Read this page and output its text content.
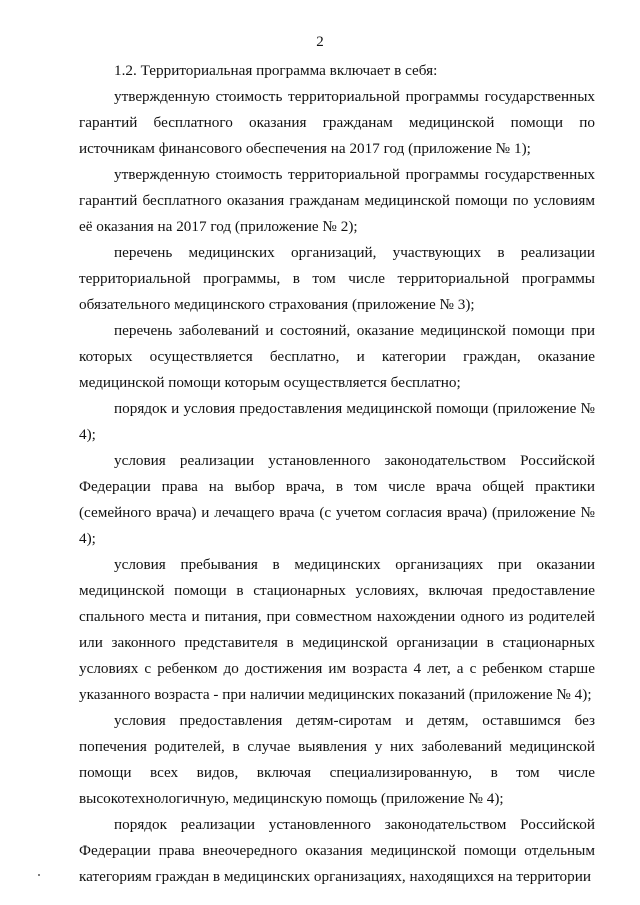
2

1.2. Территориальная программа включает в себя:

утвержденную стоимость территориальной программы государственных гарантий бесплатного оказания гражданам медицинской помощи по источникам финансового обеспечения на 2017 год (приложение № 1);

утвержденную стоимость территориальной программы государственных гарантий бесплатного оказания гражданам медицинской помощи по условиям её оказания на 2017 год (приложение № 2);

перечень медицинских организаций, участвующих в реализации территориальной программы, в том числе территориальной программы обязательного медицинского страхования (приложение № 3);

перечень заболеваний и состояний, оказание медицинской помощи при которых осуществляется бесплатно, и категории граждан, оказание медицинской помощи которым осуществляется бесплатно;

порядок и условия предоставления медицинской помощи (приложение № 4);

условия реализации установленного законодательством Российской Федерации права на выбор врача, в том числе врача общей практики (семейного врача) и лечащего врача (с учетом согласия врача) (приложение № 4);

условия пребывания в медицинских организациях при оказании медицинской помощи в стационарных условиях, включая предоставление спального места и питания, при совместном нахождении одного из родителей или законного представителя в медицинской организации в стационарных условиях с ребенком до достижения им возраста 4 лет, а с ребенком старше указанного возраста - при наличии медицинских показаний (приложение № 4);

условия предоставления детям-сиротам и детям, оставшимся без попечения родителей, в случае выявления у них заболеваний медицинской помощи всех видов, включая специализированную, в том числе высокотехнологичную, медицинскую помощь (приложение № 4);

порядок реализации установленного законодательством Российской Федерации права внеочередного оказания медицинской помощи отдельным категориям граждан в медицинских организациях, находящихся на территории
